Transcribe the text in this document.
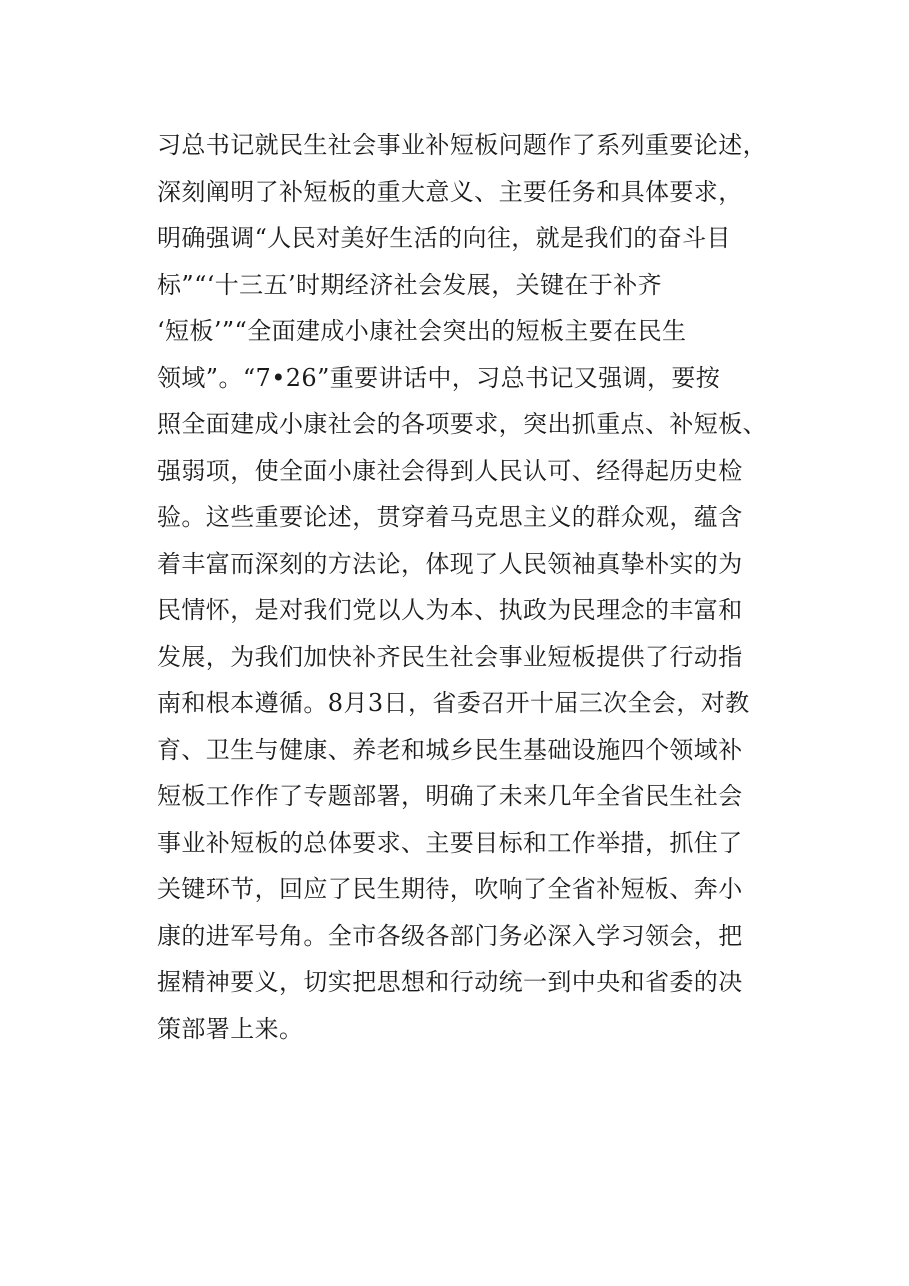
习总书记就民生社会事业补短板问题作了系列重要论述，
深刻阐明了补短板的重大意义、主要任务和具体要求，
明确强调“人民对美好生活的向往，就是我们的奋斗目
标”“‘十三五’时期经济社会发展，关键在于补齐
‘短板’”“全面建成小康社会突出的短板主要在民生
领域”。“7•26”重要讲话中，习总书记又强调，要按
照全面建成小康社会的各项要求，突出抓重点、补短板、
强弱项，使全面小康社会得到人民认可、经得起历史检
验。这些重要论述，贯穿着马克思主义的群众观，蕴含
着丰富而深刻的方法论，体现了人民领袖真挚朴实的为
民情怀，是对我们党以人为本、执政为民理念的丰富和
发展，为我们加快补齐民生社会事业短板提供了行动指
南和根本遵循。8月3日，省委召开十届三次全会，对教
育、卫生与健康、养老和城乡民生基础设施四个领域补
短板工作作了专题部署，明确了未来几年全省民生社会
事业补短板的总体要求、主要目标和工作举措，抓住了
关键环节，回应了民生期待，吹响了全省补短板、奔小
康的进军号角。全市各级各部门务必深入学习领会，把
握精神要义，切实把思想和行动统一到中央和省委的决
策部署上来。
